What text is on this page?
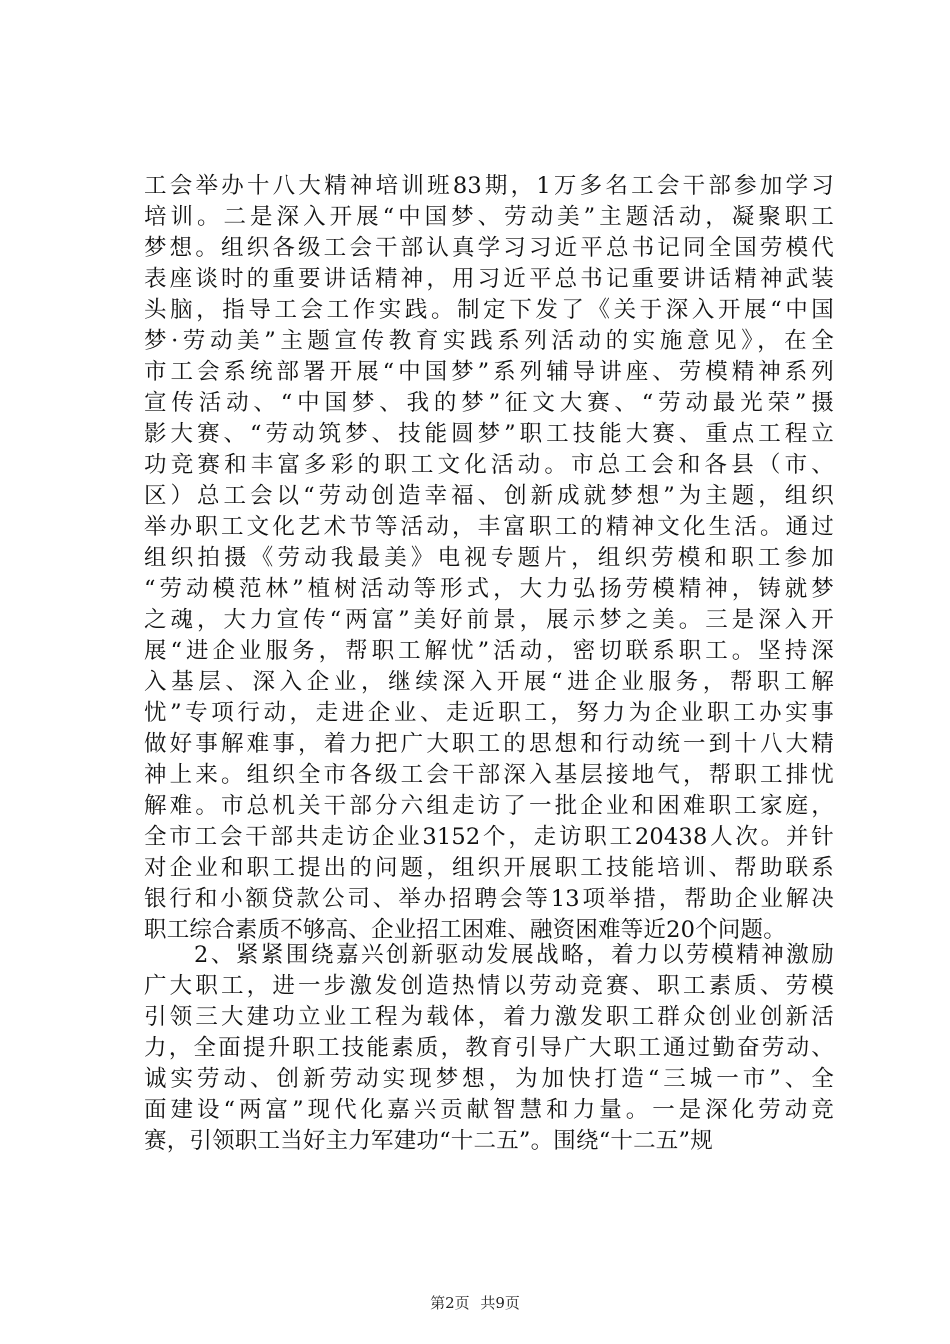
工会举办十八大精神培训班83期，1万多名工会干部参加学习
培训。二是深入开展“中国梦、劳动美”主题活动，凝聚职工
梦想。组织各级工会干部认真学习习近平总书记同全国劳模代
表座谈时的重要讲话精神，用习近平总书记重要讲话精神武装
头脑，指导工会工作实践。制定下发了《关于深入开展“中国
梦·劳动美”主题宣传教育实践系列活动的实施意见》，在全
市工会系统部署开展“中国梦”系列辅导讲座、劳模精神系列
宣传活动、“中国梦、我的梦”征文大赛、“劳动最光荣”摄
影大赛、“劳动筑梦、技能圆梦”职工技能大赛、重点工程立
功竞赛和丰富多彩的职工文化活动。市总工会和各县（市、
区）总工会以“劳动创造幸福、创新成就梦想”为主题，组织
举办职工文化艺术节等活动，丰富职工的精神文化生活。通过
组织拍摄《劳动我最美》电视专题片，组织劳模和职工参加
“劳动模范林”植树活动等形式，大力弘扬劳模精神，铸就梦
之魂，大力宣传“两富”美好前景，展示梦之美。三是深入开
展“进企业服务，帮职工解忧”活动，密切联系职工。坚持深
入基层、深入企业，继续深入开展“进企业服务，帮职工解
忧”专项行动，走进企业、走近职工，努力为企业职工办实事
做好事解难事，着力把广大职工的思想和行动统一到十八大精
神上来。组织全市各级工会干部深入基层接地气，帮职工排忧
解难。市总机关干部分六组走访了一批企业和困难职工家庭，
全市工会干部共走访企业3152个，走访职工20438人次。并针
对企业和职工提出的问题，组织开展职工技能培训、帮助联系
银行和小额贷款公司、举办招聘会等13项举措，帮助企业解决
职工综合素质不够高、企业招工困难、融资困难等近20个问题。
　　2、紧紧围绕嘉兴创新驱动发展战略，着力以劳模精神激励
广大职工，进一步激发创造热情以劳动竞赛、职工素质、劳模
引领三大建功立业工程为载体，着力激发职工群众创业创新活
力，全面提升职工技能素质，教育引导广大职工通过勤奋劳动、
诚实劳动、创新劳动实现梦想，为加快打造“三城一市”、全
面建设“两富”现代化嘉兴贡献智慧和力量。一是深化劳动竞
赛，引领职工当好主力军建功“十二五”。围绕“十二五”规
第2页 共9页
